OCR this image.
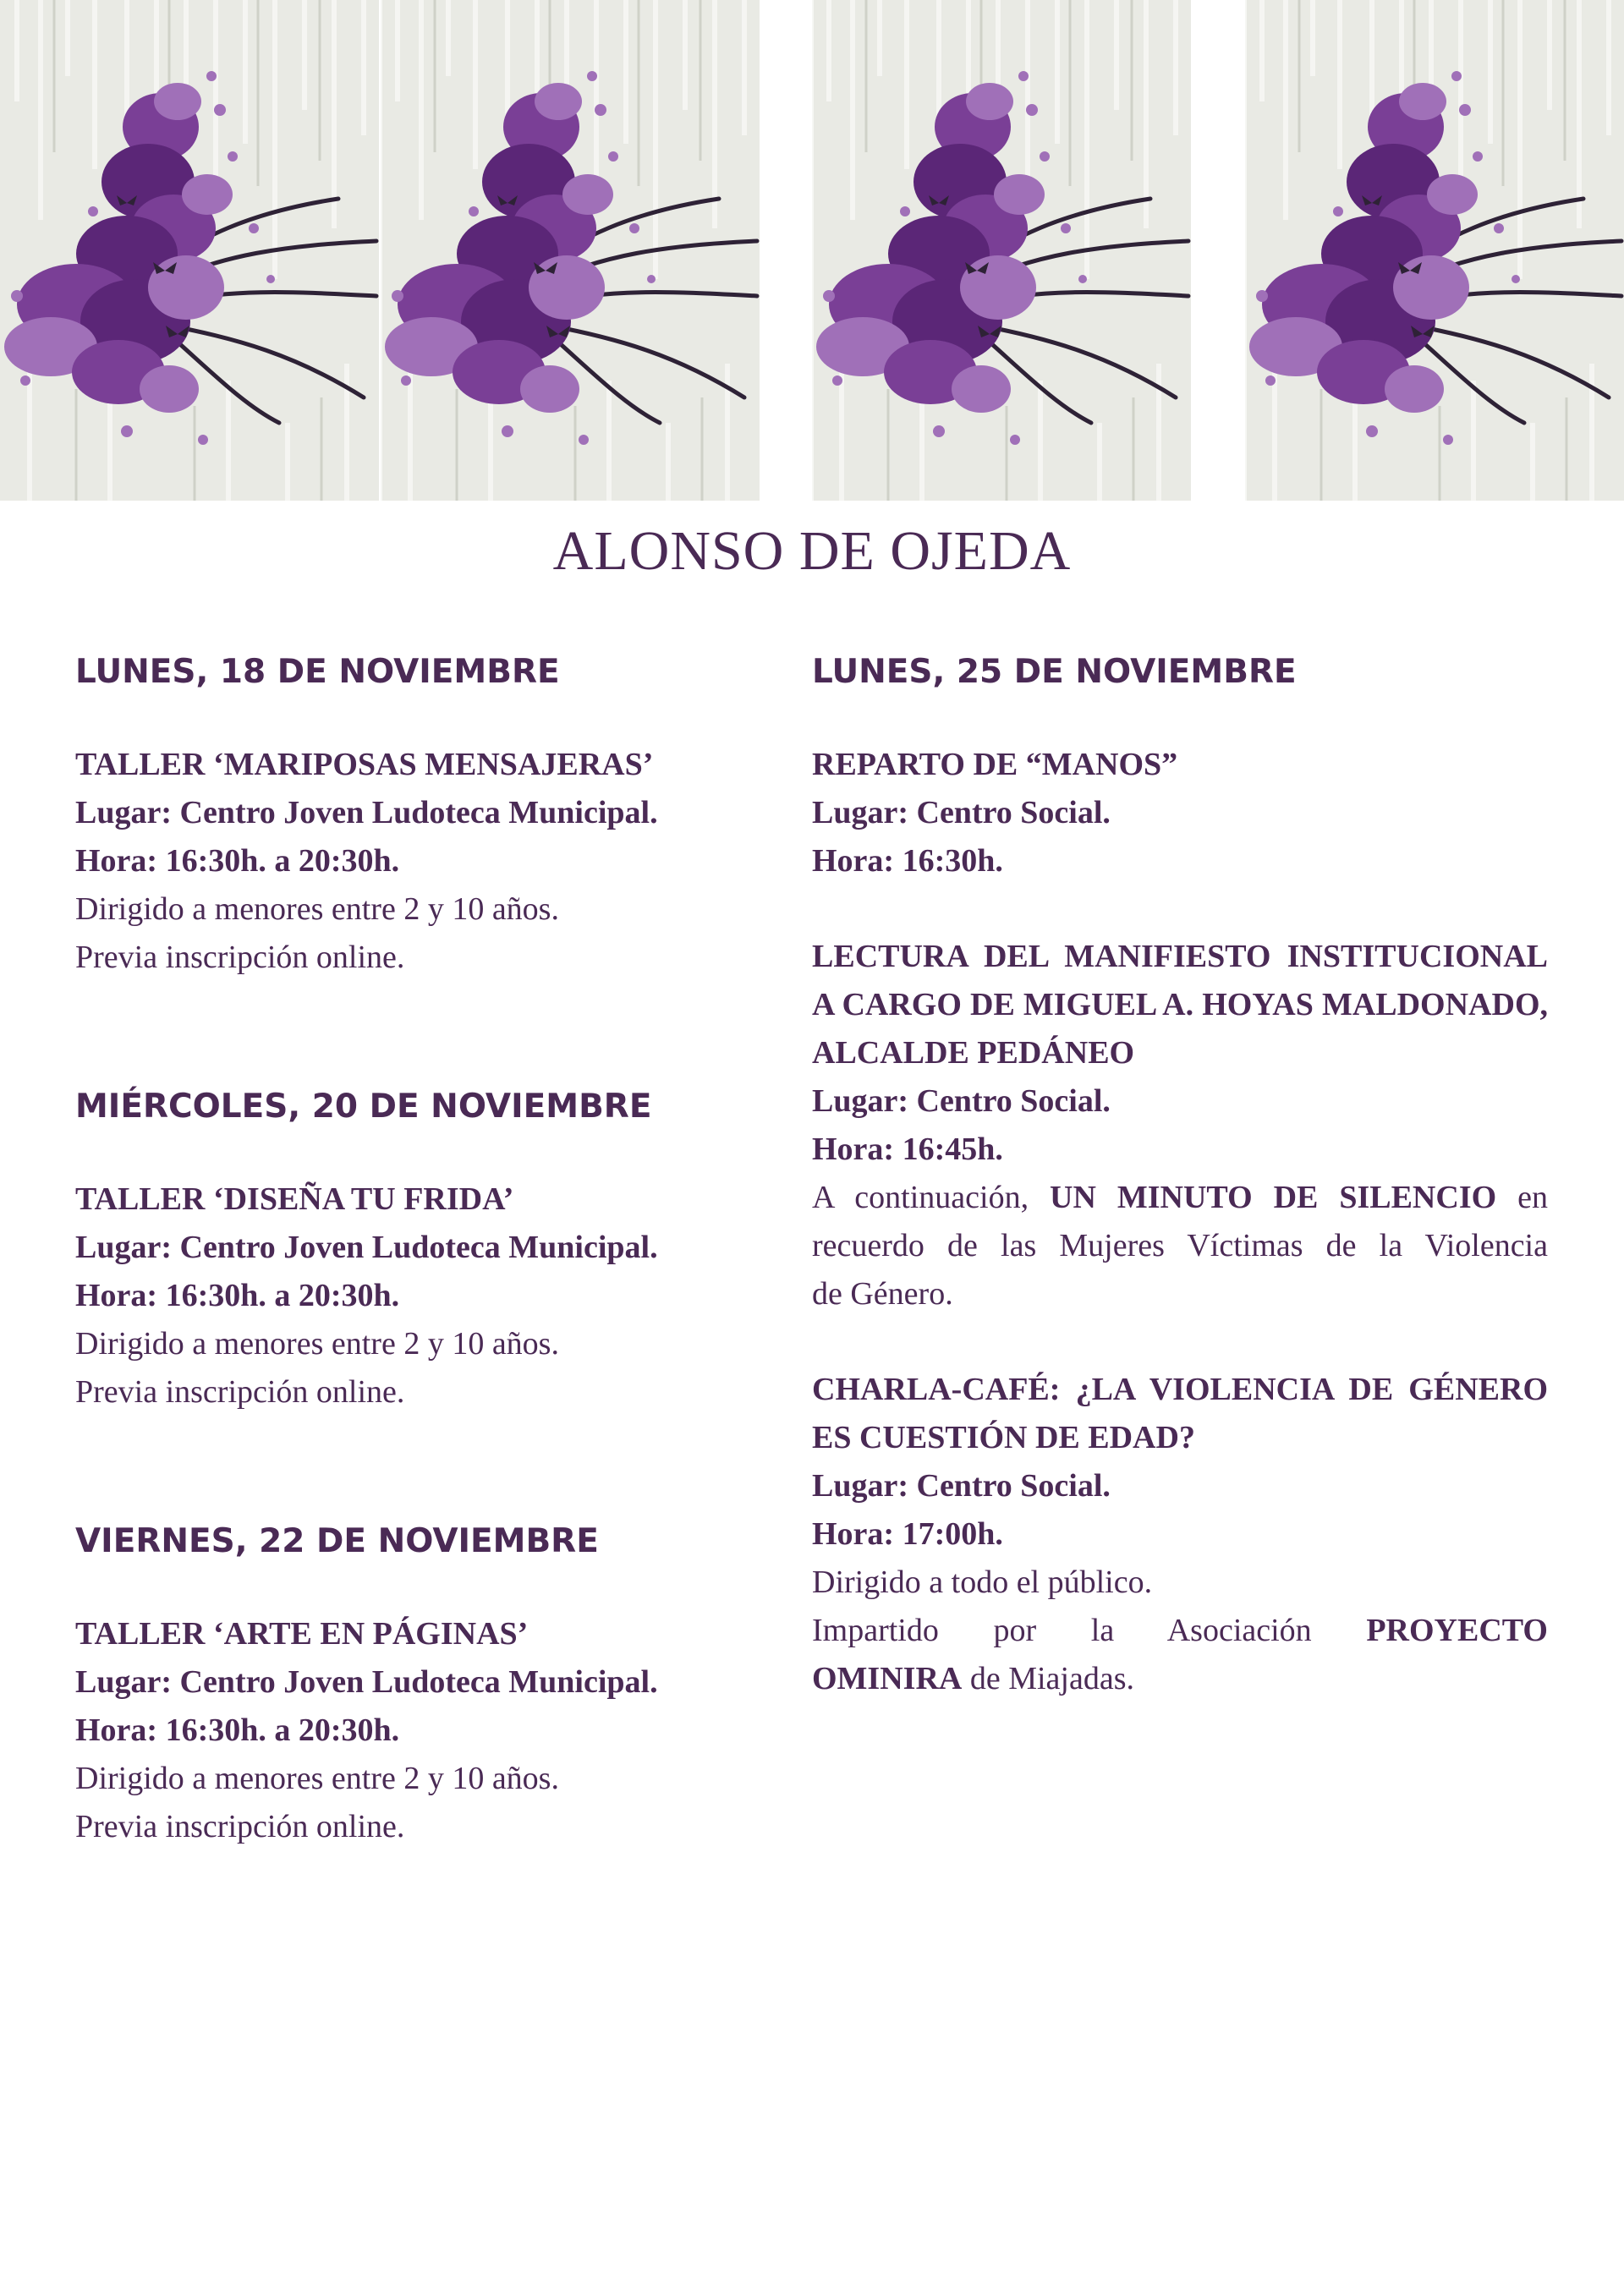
ALONSO DE OJEDA
LUNES, 18 DE NOVIEMBRE
TALLER ‘MARIPOSAS MENSAJERAS’
Lugar: Centro Joven Ludoteca Municipal.
Hora: 16:30h. a 20:30h.
Dirigido a menores entre 2 y 10 años.
Previa inscripción online.
MIÉRCOLES, 20 DE NOVIEMBRE
TALLER ‘DISEÑA TU FRIDA’
Lugar: Centro Joven Ludoteca Municipal.
Hora: 16:30h. a 20:30h.
Dirigido a menores entre 2 y 10 años.
Previa inscripción online.
VIERNES, 22 DE NOVIEMBRE
TALLER ‘ARTE EN PÁGINAS’
Lugar: Centro Joven Ludoteca Municipal.
Hora: 16:30h. a 20:30h.
Dirigido a menores entre 2 y 10 años.
Previa inscripción online.
LUNES, 25 DE NOVIEMBRE
REPARTO DE “MANOS”
Lugar: Centro Social.
Hora: 16:30h.
LECTURA DEL MANIFIESTO INSTITUCIONAL
A CARGO DE MIGUEL A. HOYAS MALDONADO,
ALCALDE PEDÁNEO
Lugar: Centro Social.
Hora: 16:45h.
A continuación, UN MINUTO DE SILENCIO en
recuerdo de las Mujeres Víctimas de la Violencia
de Género.
CHARLA-CAFÉ: ¿LA VIOLENCIA DE GÉNERO
ES CUESTIÓN DE EDAD?
Lugar: Centro Social.
Hora: 17:00h.
Dirigido a todo el público.
Impartido por la Asociación PROYECTO
OMINIRA de Miajadas.
